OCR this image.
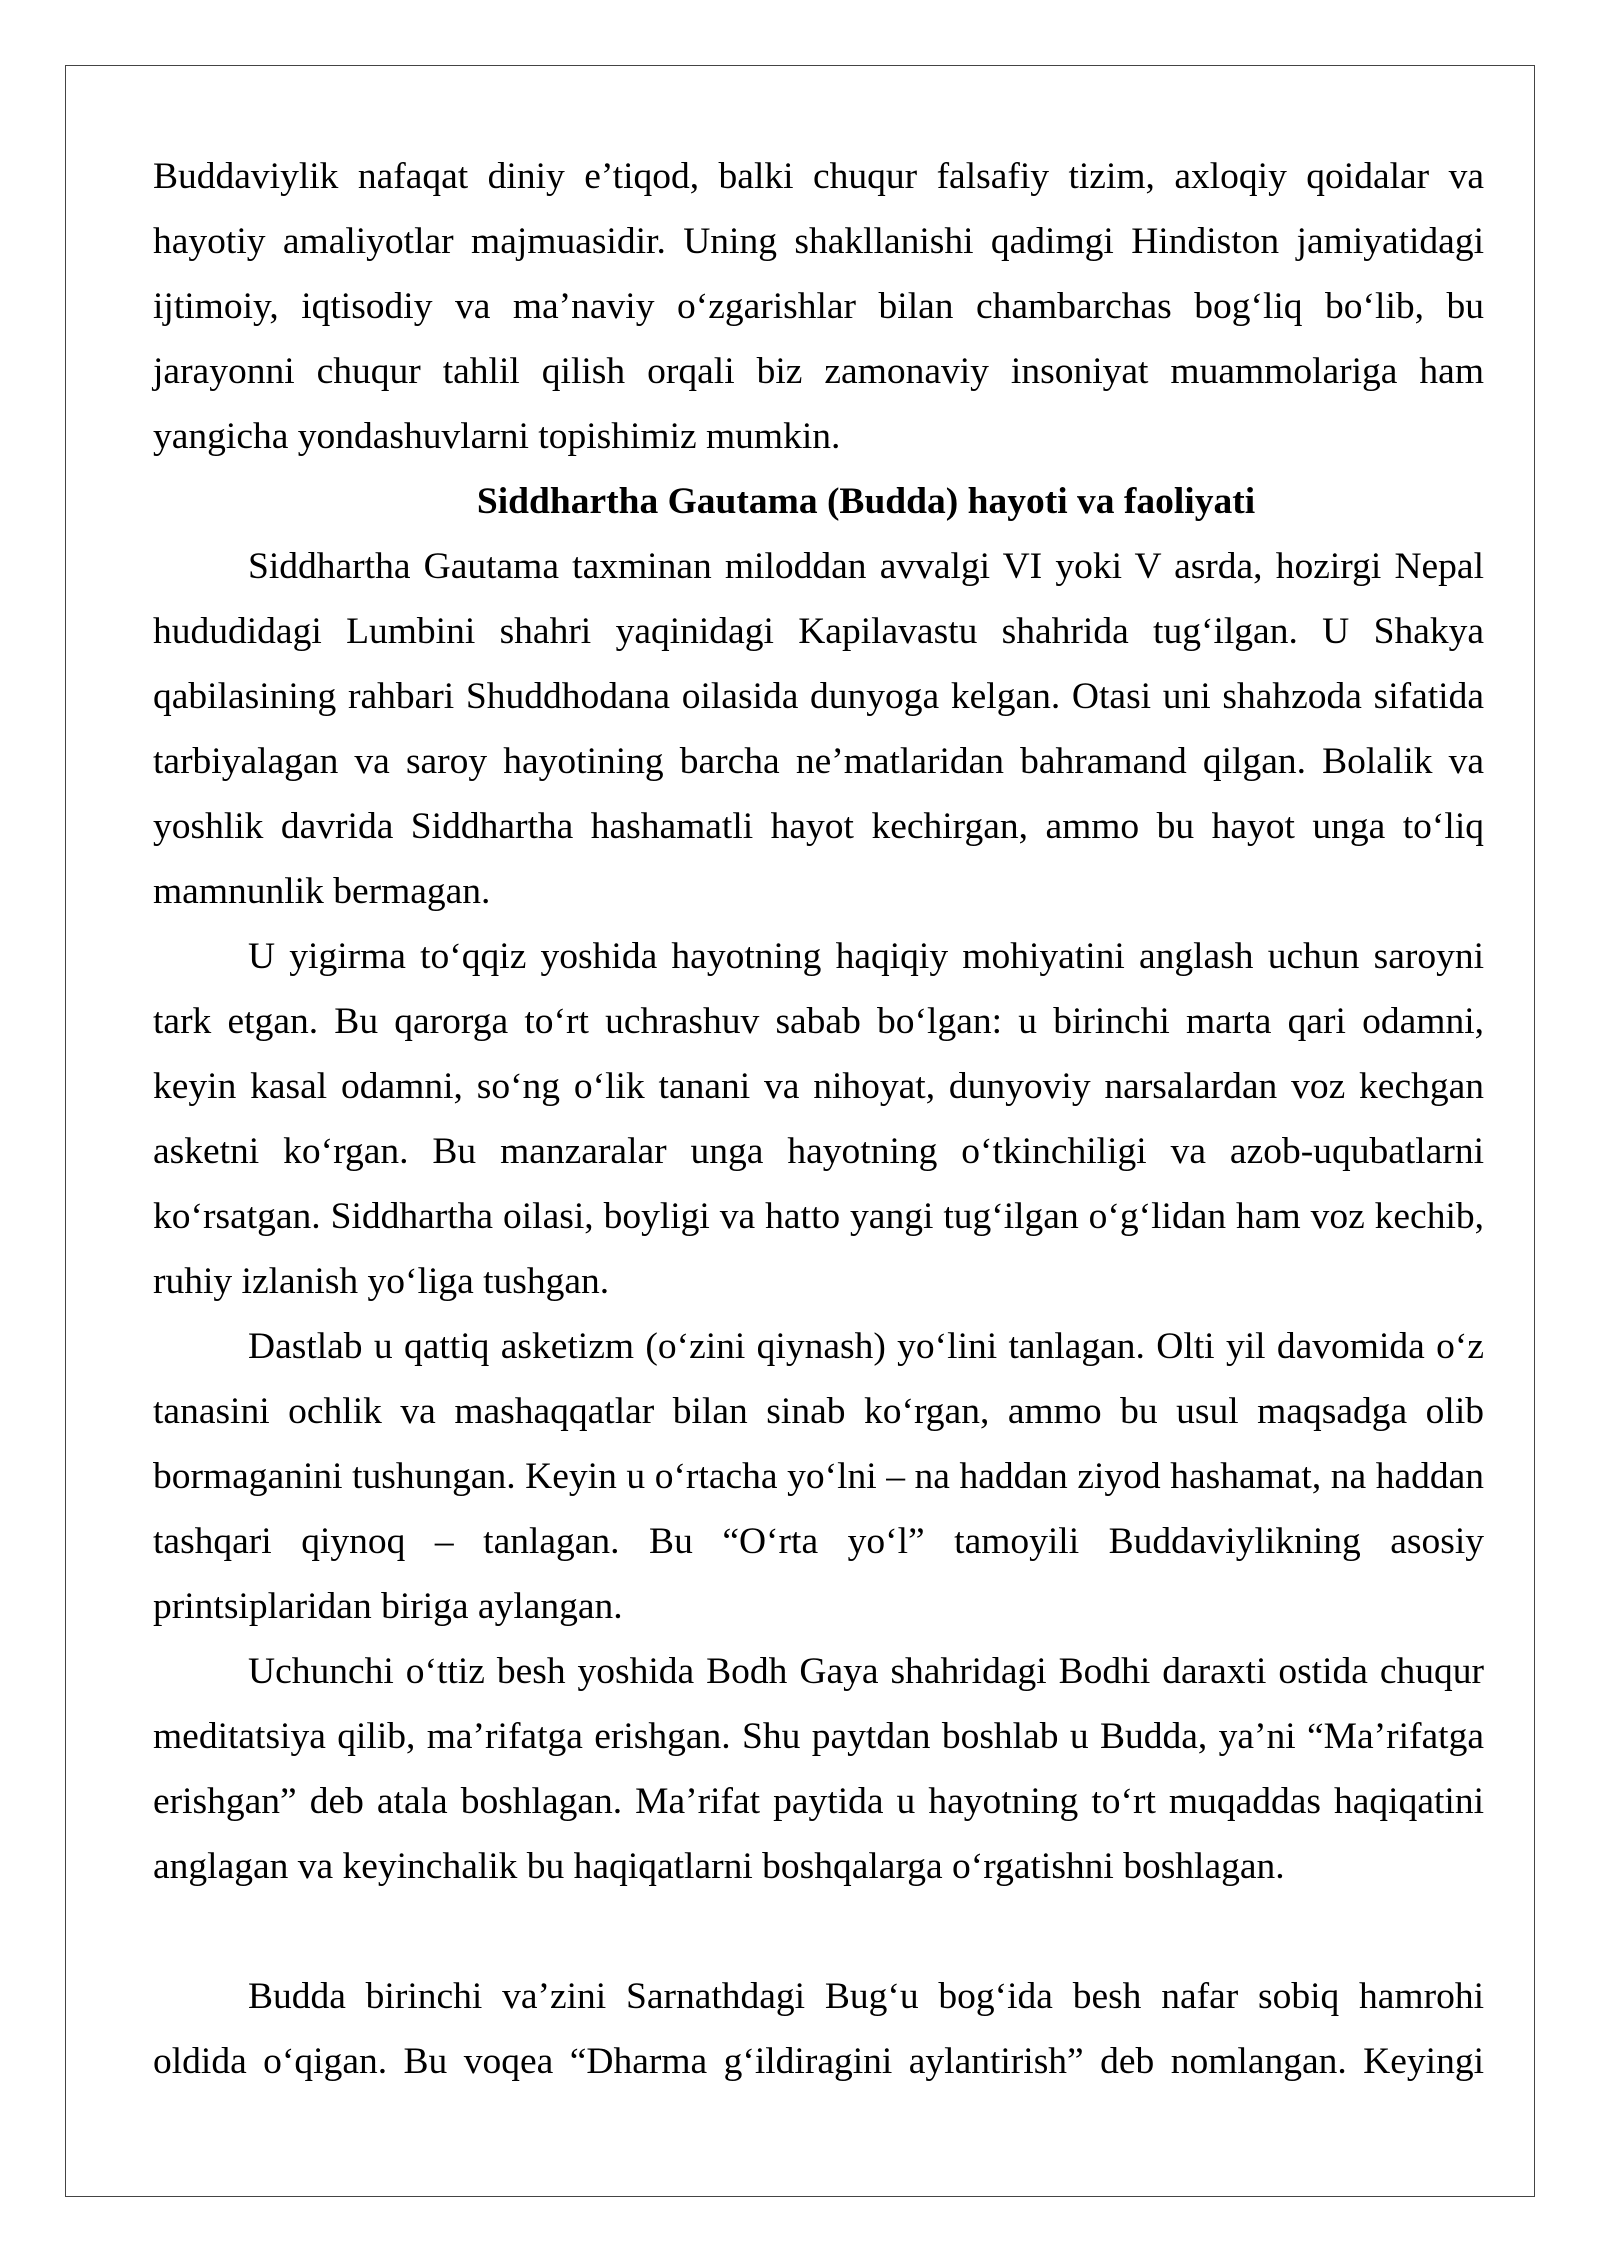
Buddaviylik nafaqat diniy e’tiqod, balki chuqur falsafiy tizim, axloqiy qoidalar va
hayotiy amaliyotlar majmuasidir. Uning shakllanishi qadimgi Hindiston jamiyatidagi
ijtimoiy, iqtisodiy va ma’naviy o‘zgarishlar bilan chambarchas bog‘liq bo‘lib, bu
jarayonni chuqur tahlil qilish orqali biz zamonaviy insoniyat muammolariga ham
yangicha yondashuvlarni topishimiz mumkin.
Siddhartha Gautama (Budda) hayoti va faoliyati
Siddhartha Gautama taxminan miloddan avvalgi VI yoki V asrda, hozirgi Nepal
hududidagi Lumbini shahri yaqinidagi Kapilavastu shahrida tug‘ilgan. U Shakya
qabilasining rahbari Shuddhodana oilasida dunyoga kelgan. Otasi uni shahzoda sifatida
tarbiyalagan va saroy hayotining barcha ne’matlaridan bahramand qilgan. Bolalik va
yoshlik davrida Siddhartha hashamatli hayot kechirgan, ammo bu hayot unga to‘liq
mamnunlik bermagan.
U yigirma to‘qqiz yoshida hayotning haqiqiy mohiyatini anglash uchun saroyni
tark etgan. Bu qarorga to‘rt uchrashuv sabab bo‘lgan: u birinchi marta qari odamni,
keyin kasal odamni, so‘ng o‘lik tanani va nihoyat, dunyoviy narsalardan voz kechgan
asketni ko‘rgan. Bu manzaralar unga hayotning o‘tkinchiligi va azob-uqubatlarni
ko‘rsatgan. Siddhartha oilasi, boyligi va hatto yangi tug‘ilgan o‘g‘lidan ham voz kechib,
ruhiy izlanish yo‘liga tushgan.
Dastlab u qattiq asketizm (o‘zini qiynash) yo‘lini tanlagan. Olti yil davomida o‘z
tanasini ochlik va mashaqqatlar bilan sinab ko‘rgan, ammo bu usul maqsadga olib
bormaganini tushungan. Keyin u o‘rtacha yo‘lni – na haddan ziyod hashamat, na haddan
tashqari qiynoq – tanlagan. Bu “O‘rta yo‘l” tamoyili Buddaviylikning asosiy
printsiplaridan biriga aylangan.
Uchunchi o‘ttiz besh yoshida Bodh Gaya shahridagi Bodhi daraxti ostida chuqur
meditatsiya qilib, ma’rifatga erishgan. Shu paytdan boshlab u Budda, ya’ni “Ma’rifatga
erishgan” deb atala boshlagan. Ma’rifat paytida u hayotning to‘rt muqaddas haqiqatini
anglagan va keyinchalik bu haqiqatlarni boshqalarga o‘rgatishni boshlagan.
Budda birinchi va’zini Sarnathdagi Bug‘u bog‘ida besh nafar sobiq hamrohi
oldida o‘qigan. Bu voqea “Dharma g‘ildiragini aylantirish” deb nomlangan. Keyingi
